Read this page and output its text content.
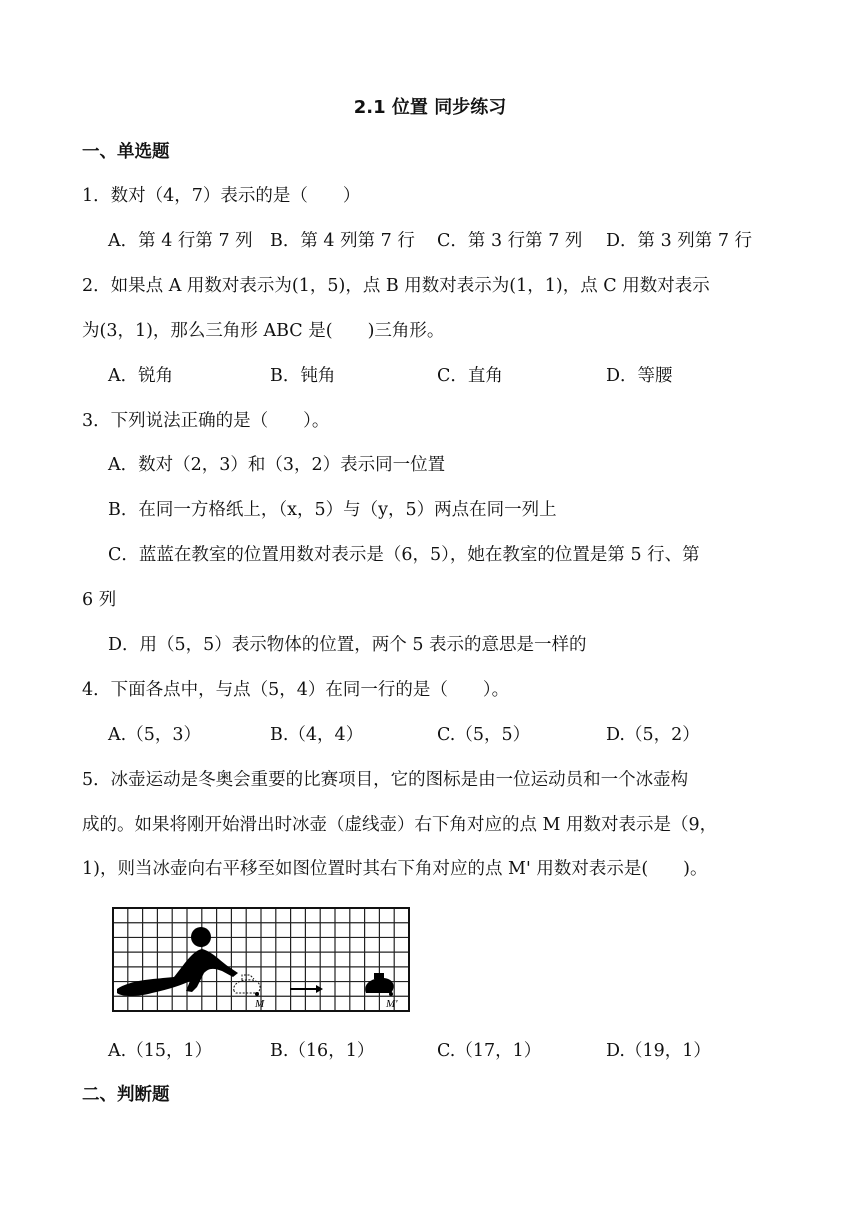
2.1 位置 同步练习
一、单选题
1．数对（4，7）表示的是（　　）
A．第 4 行第 7 列 B．第 4 列第 7 行 C．第 3 行第 7 列 D．第 3 列第 7 行
2．如果点 A 用数对表示为(1，5)，点 B 用数对表示为(1，1)，点 C 用数对表示
为(3，1)，那么三角形 ABC 是(　　)三角形。
A．锐角	B．钝角	C．直角	D．等腰
3．下列说法正确的是（　　）。
A．数对（2，3）和（3，2）表示同一位置
B．在同一方格纸上，（x，5）与（y，5）两点在同一列上
C．蓝蓝在教室的位置用数对表示是（6，5），她在教室的位置是第 5 行、第
6 列
D．用（5，5）表示物体的位置，两个 5 表示的意思是一样的
4．下面各点中，与点（5，4）在同一行的是（　　）。
A.（5，3）	B.（4，4）	C.（5，5）	D.（5，2）
5．冰壶运动是冬奥会重要的比赛项目，它的图标是由一位运动员和一个冰壶构
成的。如果将刚开始滑出时冰壶（虚线壶）右下角对应的点 M 用数对表示是（9，
1)，则当冰壶向右平移至如图位置时其右下角对应的点 M' 用数对表示是(　　)。
M	M'
A.（15，1）	B.（16，1）	C.（17，1）	D.（19，1）
二、判断题
